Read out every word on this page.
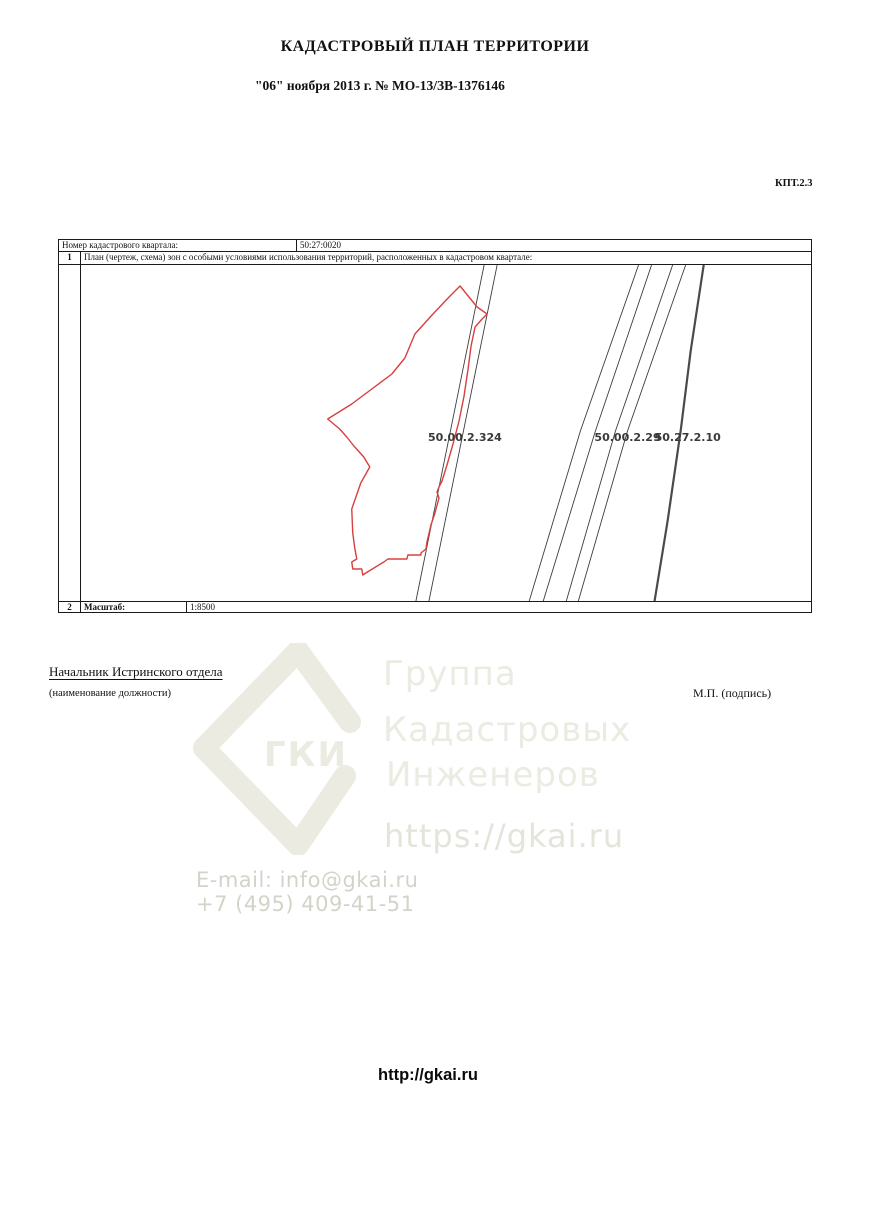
ГКИ
Группа
Кадастровых
Инженеров
https://gkai.ru
E-mail: info@gkai.ru
+7 (495) 409-41-51
КАДАСТРОВЫЙ ПЛАН ТЕРРИТОРИИ
"06" ноября 2013 г. № МО-13/ЗВ-1376146
КПТ.2.3
Номер кадастрового квартала:	50:27:0020
1	План (чертеж, схема) зон с особыми условиями использования территорий, расположенных в кадастровом квартале:
50.00.2.324	50.00.2.29
50.27.2.10
2	Масштаб:	1:8500
Начальник Истринского отдела
(наименование должности)	М.П. (подпись)
http://gkai.ru
